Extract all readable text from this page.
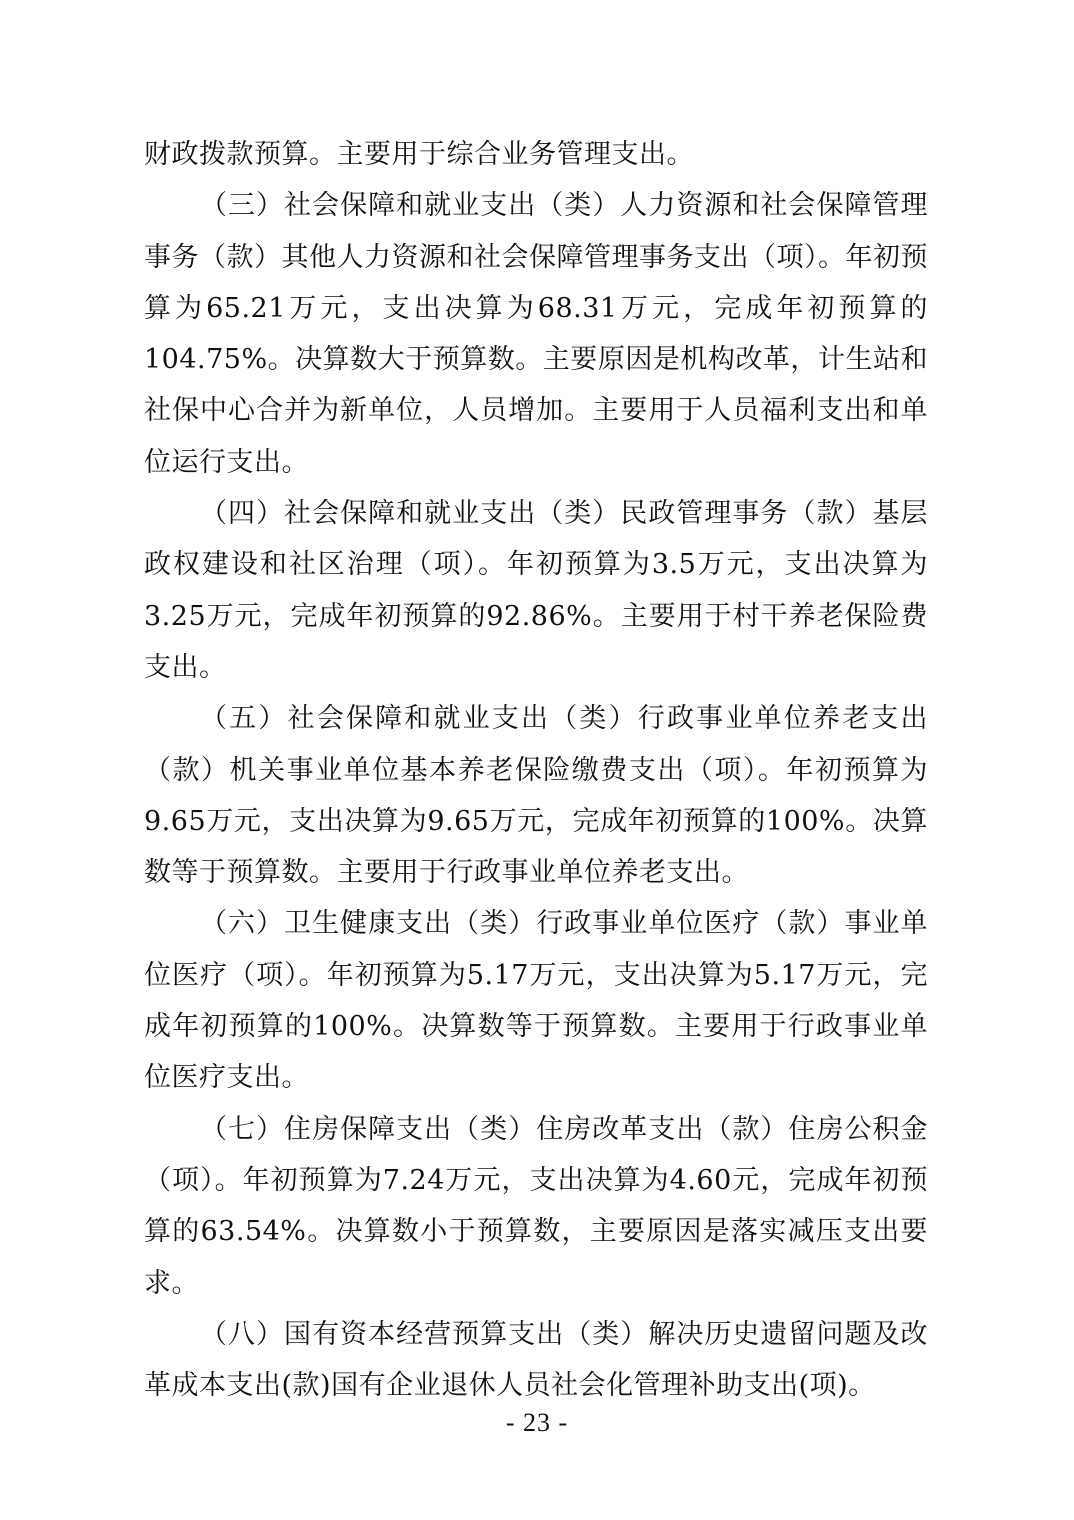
财政拨款预算。主要用于综合业务管理支出。

（三）社会保障和就业支出（类）人力资源和社会保障管理事务（款）其他人力资源和社会保障管理事务支出（项）。年初预算为65.21万元，支出决算为68.31万元，完成年初预算的104.75%。决算数大于预算数。主要原因是机构改革，计生站和社保中心合并为新单位，人员增加。主要用于人员福利支出和单位运行支出。

（四）社会保障和就业支出（类）民政管理事务（款）基层政权建设和社区治理（项）。年初预算为3.5万元，支出决算为3.25万元，完成年初预算的92.86%。主要用于村干养老保险费支出。

（五）社会保障和就业支出（类）行政事业单位养老支出（款）机关事业单位基本养老保险缴费支出（项）。年初预算为9.65万元，支出决算为9.65万元，完成年初预算的100%。决算数等于预算数。主要用于行政事业单位养老支出。

（六）卫生健康支出（类）行政事业单位医疗（款）事业单位医疗（项）。年初预算为5.17万元，支出决算为5.17万元，完成年初预算的100%。决算数等于预算数。主要用于行政事业单位医疗支出。

（七）住房保障支出（类）住房改革支出（款）住房公积金（项）。年初预算为7.24万元，支出决算为4.60元，完成年初预算的63.54%。决算数小于预算数，主要原因是落实减压支出要求。

（八）国有资本经营预算支出（类）解决历史遗留问题及改革成本支出(款)国有企业退休人员社会化管理补助支出(项)。

- 23 -
